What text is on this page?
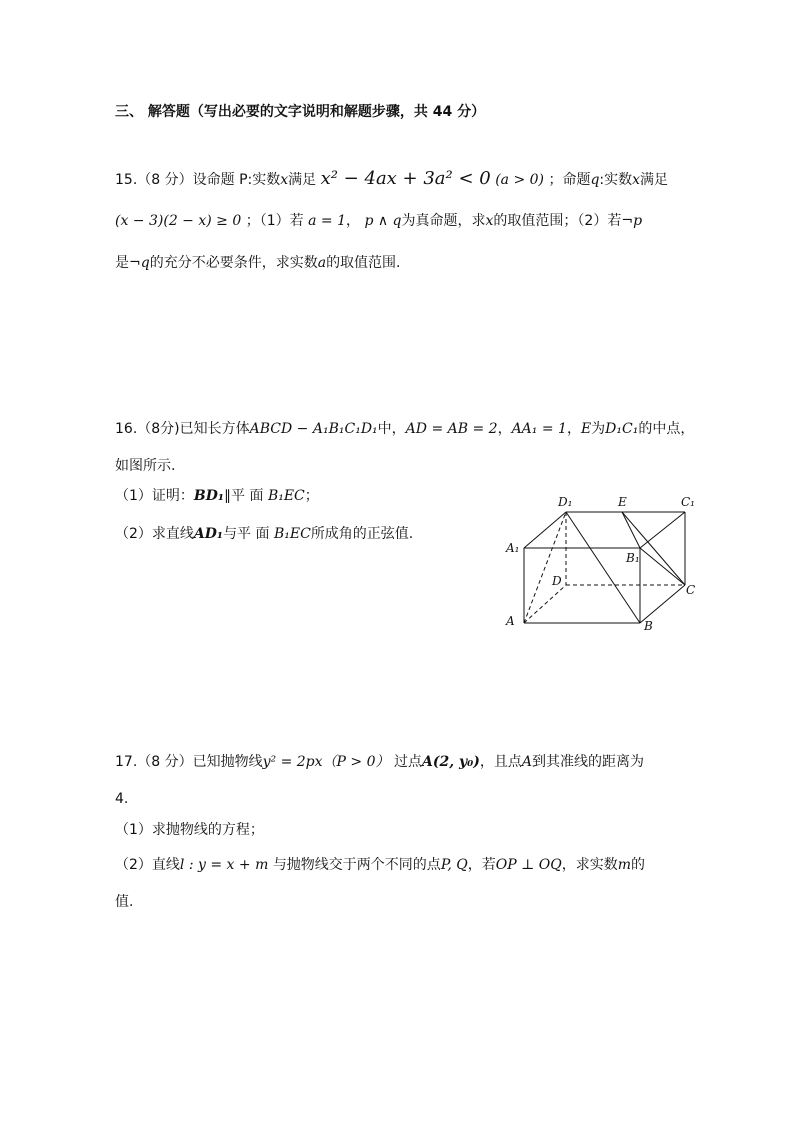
三、 解答题（写出必要的文字说明和解题步骤，共 44 分）
15.（8 分）设命题 P:实数x满足 x² − 4ax + 3a² < 0 (a > 0) ；命题q:实数x满足
(x − 3)(2 − x) ≥ 0 ；（1）若 a = 1， p ∧ q为真命题，求x的取值范围；（2）若¬p
是¬q的充分不必要条件，求实数a的取值范围.
16.（8分)已知长方体ABCD − A₁B₁C₁D₁中，AD = AB = 2，AA₁ = 1，E为D₁C₁的中点，
如图所示.
（1）证明：BD₁∥平 面 B₁EC；
（2）求直线AD₁与平 面 B₁EC所成角的正弦值.
D₁	E	C₁
A₁
B₁
D
C
A	B
17.（8 分）已知抛物线y² = 2px（P > 0） 过点A(2, y₀)，且点A到其准线的距离为
4.
（1）求抛物线的方程；
（2）直线l : y = x + m 与抛物线交于两个不同的点P, Q，若OP ⊥ OQ，求实数m的
值.
